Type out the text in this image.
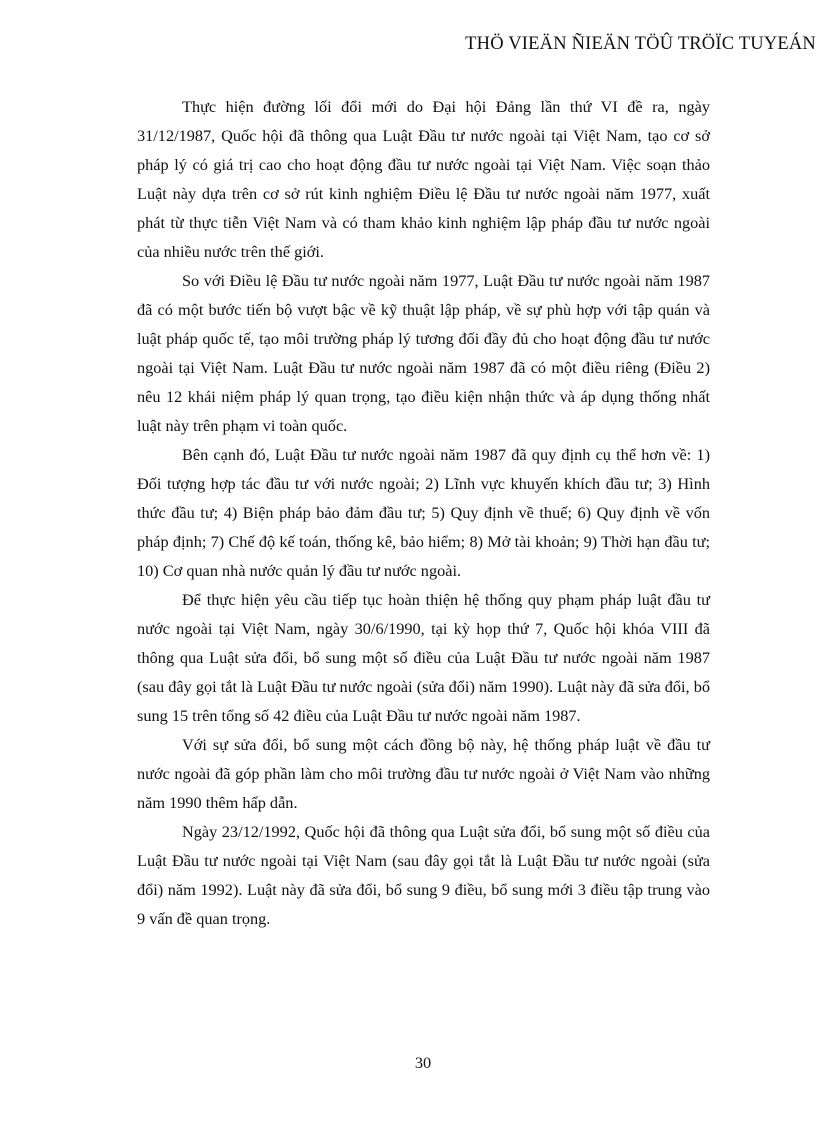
THÖ VIEÄN ÑIEÄN TÖÛ TRÖÏC TUYEÁN

Thực hiện đường lối đổi mới do Đại hội Đảng lần thứ VI đề ra, ngày 31/12/1987, Quốc hội đã thông qua Luật Đầu tư nước ngoài tại Việt Nam, tạo cơ sở pháp lý có giá trị cao cho hoạt động đầu tư nước ngoài tại Việt Nam. Việc soạn thảo Luật này dựa trên cơ sở rút kinh nghiệm Điều lệ Đầu tư nước ngoài năm 1977, xuất phát từ thực tiễn Việt Nam và có tham khảo kinh nghiệm lập pháp đầu tư nước ngoài của nhiều nước trên thế giới.

So với Điều lệ Đầu tư nước ngoài năm 1977, Luật Đầu tư nước ngoài năm 1987 đã có một bước tiến bộ vượt bậc về kỹ thuật lập pháp, về sự phù hợp với tập quán và luật pháp quốc tế, tạo môi trường pháp lý tương đối đầy đủ cho hoạt động đầu tư nước ngoài tại Việt Nam. Luật Đầu tư nước ngoài năm 1987 đã có một điều riêng (Điều 2) nêu 12 khái niệm pháp lý quan trọng, tạo điều kiện nhận thức và áp dụng thống nhất luật này trên phạm vi toàn quốc.

Bên cạnh đó, Luật Đầu tư nước ngoài năm 1987 đã quy định cụ thể hơn về: 1) Đối tượng hợp tác đầu tư với nước ngoài; 2) Lĩnh vực khuyến khích đầu tư; 3) Hình thức đầu tư; 4) Biện pháp bảo đảm đầu tư; 5) Quy định về thuế; 6) Quy định về vốn pháp định; 7) Chế độ kế toán, thống kê, bảo hiểm; 8) Mở tài khoản; 9) Thời hạn đầu tư; 10) Cơ quan nhà nước quản lý đầu tư nước ngoài.

Để thực hiện yêu cầu tiếp tục hoàn thiện hệ thống quy phạm pháp luật đầu tư nước ngoài tại Việt Nam, ngày 30/6/1990, tại kỳ họp thứ 7, Quốc hội khóa VIII đã thông qua Luật sửa đổi, bổ sung một số điều của Luật Đầu tư nước ngoài năm 1987 (sau đây gọi tắt là Luật Đầu tư nước ngoài (sửa đổi) năm 1990). Luật này đã sửa đổi, bổ sung 15 trên tổng số 42 điều của Luật Đầu tư nước ngoài năm 1987.

Với sự sửa đổi, bổ sung một cách đồng bộ này, hệ thống pháp luật về đầu tư nước ngoài đã góp phần làm cho môi trường đầu tư nước ngoài ở Việt Nam vào những năm 1990 thêm hấp dẫn.

Ngày 23/12/1992, Quốc hội đã thông qua Luật sửa đổi, bổ sung một số điều của Luật Đầu tư nước ngoài tại Việt Nam (sau đây gọi tắt là Luật Đầu tư nước ngoài (sửa đổi) năm 1992). Luật này đã sửa đổi, bổ sung 9 điều, bổ sung mới 3 điều tập trung vào 9 vấn đề quan trọng.

30
